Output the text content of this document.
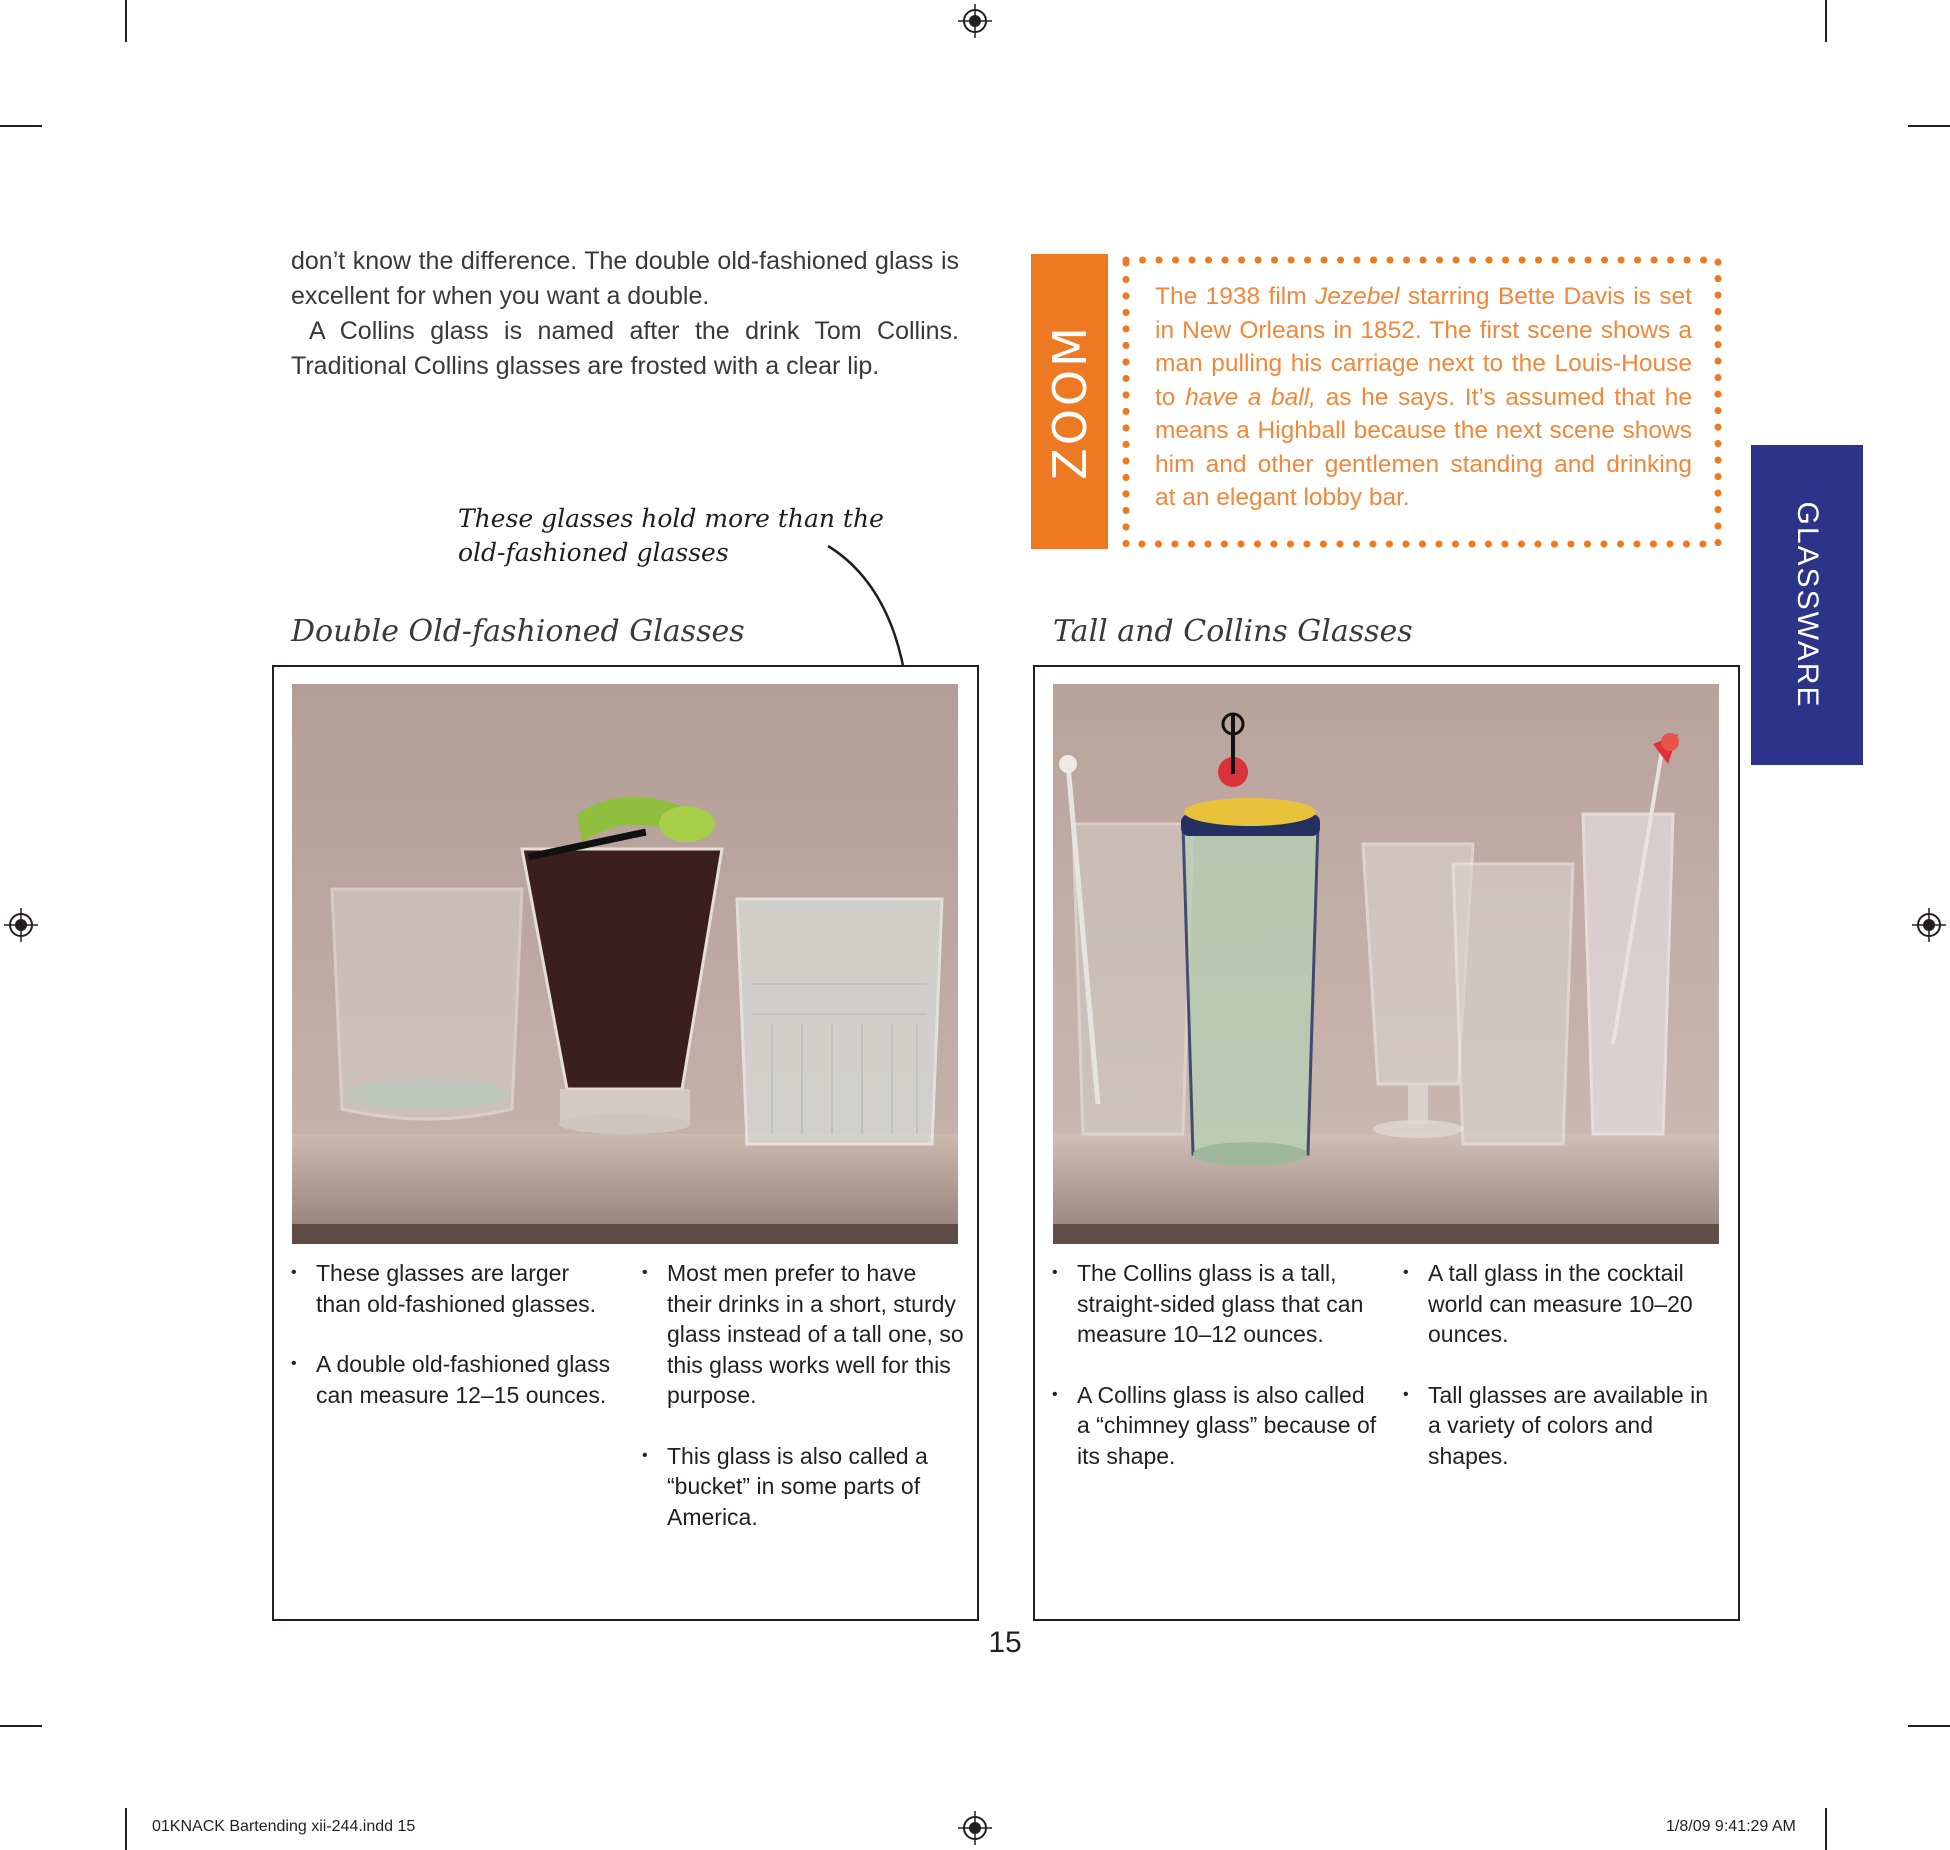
don’t know the difference. The double old-fashioned glass is excellent for when you want a double.

A Collins glass is named after the drink Tom Collins. Traditional Collins glasses are frosted with a clear lip.	ZOOM
The 1938 film Jezebel starring Bette Davis is set in New Orleans in 1852. The first scene shows a man pulling his carriage next to the Louis-House to have a ball, as he says. It’s assumed that he means a Highball because the next scene shows him and other gentlemen standing and drinking at an elegant lobby bar.
GLASSWARE
These glasses hold more than the old-fashioned glasses
Double Old-fashioned Glasses
• These glasses are larger than old-fashioned glasses.
• A double old-fashioned glass can measure 12–15 ounces.
• Most men prefer to have their drinks in a short, sturdy glass instead of a tall one, so this glass works well for this purpose.
• This glass is also called a “bucket” in some parts of America.
Tall and Collins Glasses
• The Collins glass is a tall, straight-sided glass that can measure 10–12 ounces.
• A Collins glass is also called a “chimney glass” because of its shape.
• A tall glass in the cocktail world can measure 10–20 ounces.
• Tall glasses are available in a variety of colors and shapes.
15
01KNACK Bartending xii-244.indd 15	1/8/09 9:41:29 AM
